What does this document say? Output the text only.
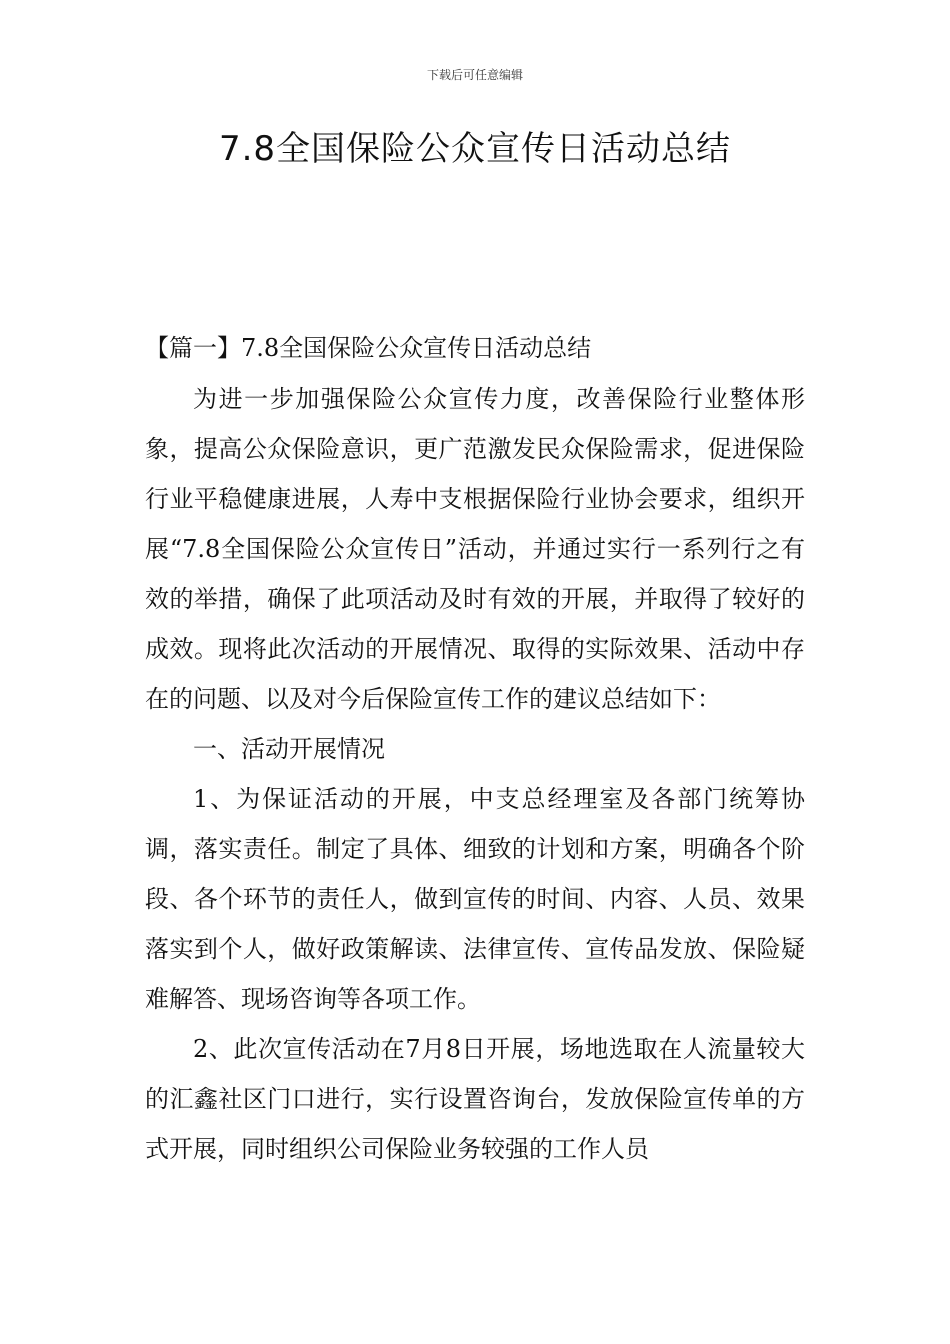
下载后可任意编辑
7.8全国保险公众宣传日活动总结
【篇一】7.8全国保险公众宣传日活动总结

为进一步加强保险公众宣传力度，改善保险行业整体形象，提高公众保险意识，更广范激发民众保险需求，促进保险行业平稳健康进展，人寿中支根据保险行业协会要求，组织开展“7.8全国保险公众宣传日”活动，并通过实行一系列行之有效的举措，确保了此项活动及时有效的开展，并取得了较好的成效。现将此次活动的开展情况、取得的实际效果、活动中存在的问题、以及对今后保险宣传工作的建议总结如下：

一、活动开展情况

1、为保证活动的开展，中支总经理室及各部门统筹协调，落实责任。制定了具体、细致的计划和方案，明确各个阶段、各个环节的责任人，做到宣传的时间、内容、人员、效果落实到个人，做好政策解读、法律宣传、宣传品发放、保险疑难解答、现场咨询等各项工作。

2、此次宣传活动在7月8日开展，场地选取在人流量较大的汇鑫社区门口进行，实行设置咨询台，发放保险宣传单的方式开展，同时组织公司保险业务较强的工作人员
